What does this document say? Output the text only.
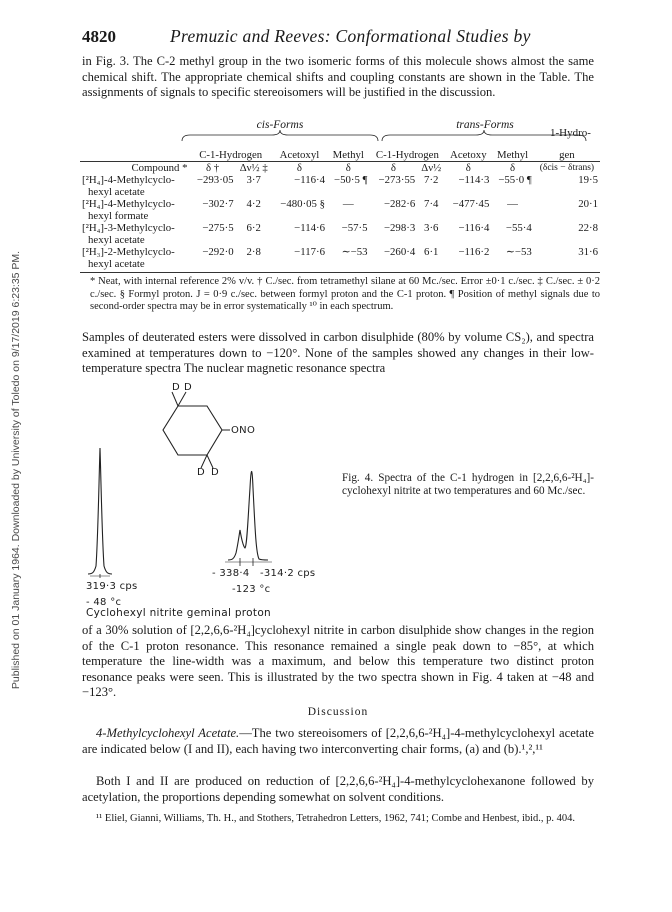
Published on 01 January 1964. Downloaded by University of Toledo on 9/17/2019 6:23:35 PM.
4820	Premuzic and Reeves: Conformational Studies by

in Fig. 3. The C-2 methyl group in the two isomeric forms of this molecule shows almost the same chemical shift. The appropriate chemical shifts and coupling constants are shown in the Table. The assignments of signals to specific stereoisomers will be justified in the discussion.

cis-Forms	trans-Forms
1-Hydro-
	C-1-Hydrogen		Acetoxyl	Methyl	C-1-Hydrogen		Acetoxy	Methyl	gen
Compound *	δ †	Δν½ ‡	δ	δ	δ	Δν½	δ	δ	(δcis − δtrans)
[²H₄]-4-Methylcyclo-	−293·05	3·7	−116·4	−50·5 ¶	−273·55	7·2	−114·3	−55·0 ¶	19·5
hexyl acetate									
[²H₄]-4-Methylcyclo-	−302·7	4·2	−480·05 §	—	−282·6	7·4	−477·45	—	20·1
hexyl formate									
[²H₄]-3-Methylcyclo-	−275·5	6·2	−114·6	−57·5	−298·3	3·6	−116·4	−55·4	22·8
hexyl acetate									
[²H₃]-2-Methylcyclo-	−292·0	2·8	−117·6	∼−53	−260·4	6·1	−116·2	∼−53	31·6
hexyl acetate									
* Neat, with internal reference 2% v/v. † C./sec. from tetramethyl silane at 60 Mc./sec. Error ±0·1 c./sec. ‡ C./sec. ± 0·2 c./sec. § Formyl proton. J = 0·9 c./sec. between formyl proton and the C-1 proton. ¶ Position of methyl signals due to second-order spectra may be in error systematically ¹⁰ in each spectrum.

Samples of deuterated esters were dissolved in carbon disulphide (80% by volume CS₂), and spectra examined at temperatures down to −120°. None of the samples showed any changes in their low-temperature spectra The nuclear magnetic resonance spectra

D D
D D
ONO
319·3 cps
- 48 °c
- 338·4   -314·2 cps
-123 °c
Fig. 4. Spectra of the C-1 hydrogen in [2,2,6,6-²H₄]-cyclohexyl nitrite at two temperatures and 60 Mc./sec.
Cyclohexyl nitrite geminal proton

of a 30% solution of [2,2,6,6-²H₄]cyclohexyl nitrite in carbon disulphide show changes in the region of the C-1 proton resonance. This resonance remained a single peak down to −85°, at which temperature the line-width was a maximum, and below this temperature two distinct proton resonance peaks were seen. This is illustrated by the two spectra shown in Fig. 4 taken at −48 and −123°.

Discussion

4-Methylcyclohexyl Acetate.—The two stereoisomers of [2,2,6,6-²H₄]-4-methylcyclohexyl acetate are indicated below (I and II), each having two interconverting chair forms, (a) and (b).¹,²,¹¹

Both I and II are produced on reduction of [2,2,6,6-²H₄]-4-methylcyclohexanone followed by acetylation, the proportions depending somewhat on solvent conditions.

¹¹ Eliel, Gianni, Williams, Th. H., and Stothers, Tetrahedron Letters, 1962, 741; Combe and Henbest, ibid., p. 404.
